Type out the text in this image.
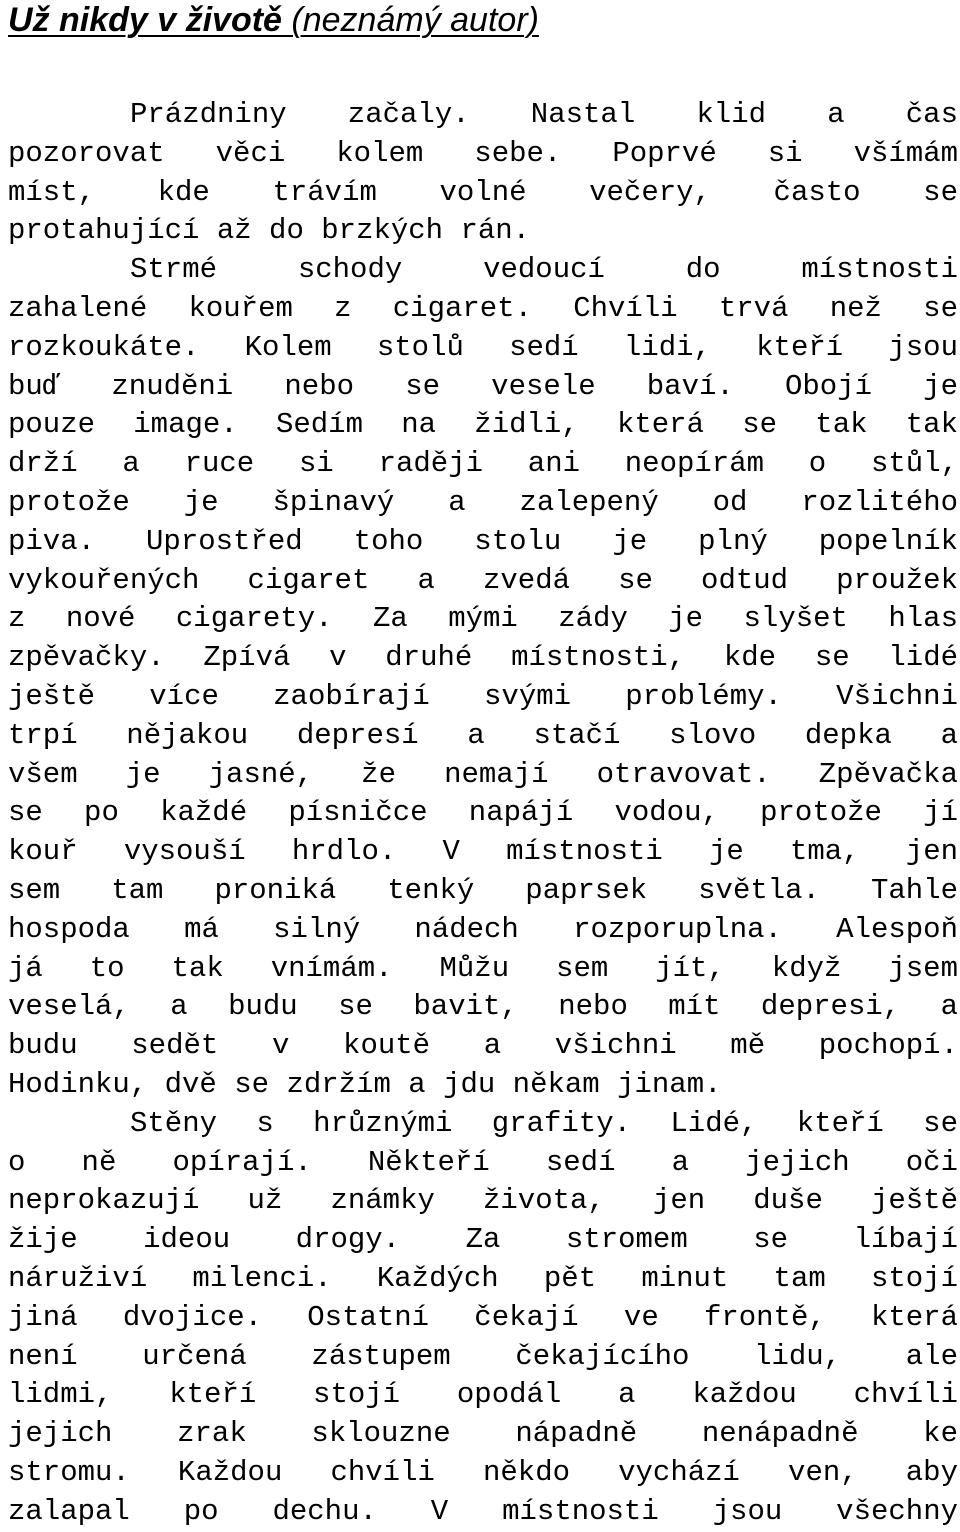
Už nikdy v životě (neznámý autor)
Prázdniny začaly. Nastal klid a čas
pozorovat věci kolem sebe. Poprvé si všímám
míst, kde trávím volné večery, často se
protahující až do brzkých rán.
Strmé schody vedoucí do místnosti
zahalené kouřem z cigaret. Chvíli trvá než se
rozkoukáte. Kolem stolů sedí lidi, kteří jsou
buď znuděni nebo se vesele baví. Obojí je
pouze image. Sedím na židli, která se tak tak
drží a ruce si raději ani neopírám o stůl,
protože je špinavý a zalepený od rozlitého
piva. Uprostřed toho stolu je plný popelník
vykouřených cigaret a zvedá se odtud proužek
z nové cigarety. Za mými zády je slyšet hlas
zpěvačky. Zpívá v druhé místnosti, kde se lidé
ještě více zaobírají svými problémy. Všichni
trpí nějakou depresí a stačí slovo depka a
všem je jasné, že nemají otravovat. Zpěvačka
se po každé písničce napájí vodou, protože jí
kouř vysouší hrdlo. V místnosti je tma, jen
sem tam proniká tenký paprsek světla. Tahle
hospoda má silný nádech rozporuplna. Alespoň
já to tak vnímám. Můžu sem jít, když jsem
veselá, a budu se bavit, nebo mít depresi, a
budu sedět v koutě a všichni mě pochopí.
Hodinku, dvě se zdržím a jdu někam jinam.
Stěny s hrůznými grafity. Lidé, kteří se
o ně opírají. Někteří sedí a jejich oči
neprokazují už známky života, jen duše ještě
žije ideou drogy. Za stromem se líbají
náruživí milenci. Každých pět minut tam stojí
jiná dvojice. Ostatní čekají ve frontě, která
není určená zástupem čekajícího lidu, ale
lidmi, kteří stojí opodál a každou chvíli
jejich zrak sklouzne nápadně nenápadně ke
stromu. Každou chvíli někdo vychází ven, aby
zalapal po dechu. V místnosti jsou všechny
